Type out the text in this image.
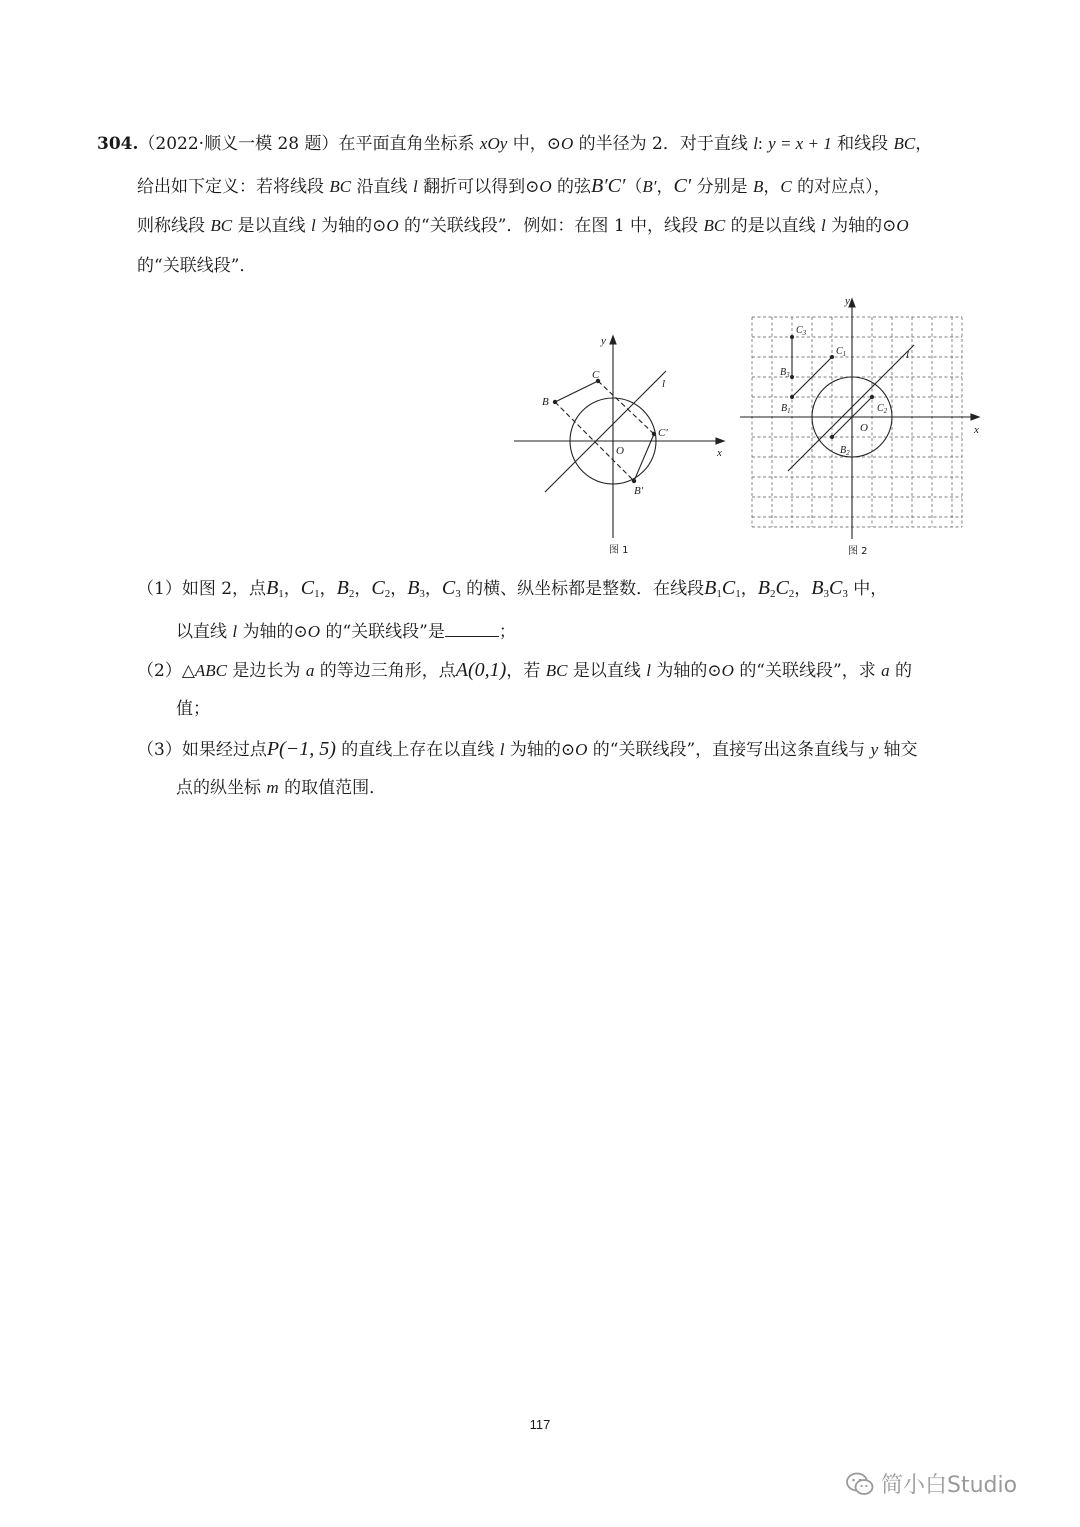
304.（2022·顺义一模 28 题）在平面直角坐标系 xOy 中，⊙O 的半径为 2．对于直线 l: y = x + 1 和线段 BC，
给出如下定义：若将线段 BC 沿直线 l 翻折可以得到⊙O 的弦B′C′（B′，C′ 分别是 B，C 的对应点），
则称线段 BC 是以直线 l 为轴的⊙O 的“关联线段”．例如：在图 1 中，线段 BC 的是以直线 l 为轴的⊙O
的“关联线段”．
x
y
O
B
C
B′
C′
l
图 1
x
y
O
l
$B_1$
$C_1$
$B_2$
$C_2$
$B_3$
$C_3$
图 2
（1）如图 2，点$B_1$，$C_1$，$B_2$，$C_2$，$B_3$，$C_3$ 的横、纵坐标都是整数．在线段$B_1C_1$，$B_2C_2$，$B_3C_3$ 中，
以直线 l 为轴的⊙O 的“关联线段”是	；
（2）△ABC 是边长为 a 的等边三角形，点A(0,1)，若 BC 是以直线 l 为轴的⊙O 的“关联线段”，求 a 的
值；
（3）如果经过点P(−1, 5) 的直线上存在以直线 l 为轴的⊙O 的“关联线段”，直接写出这条直线与 y 轴交
点的纵坐标 m 的取值范围．
117
简小白Studio
